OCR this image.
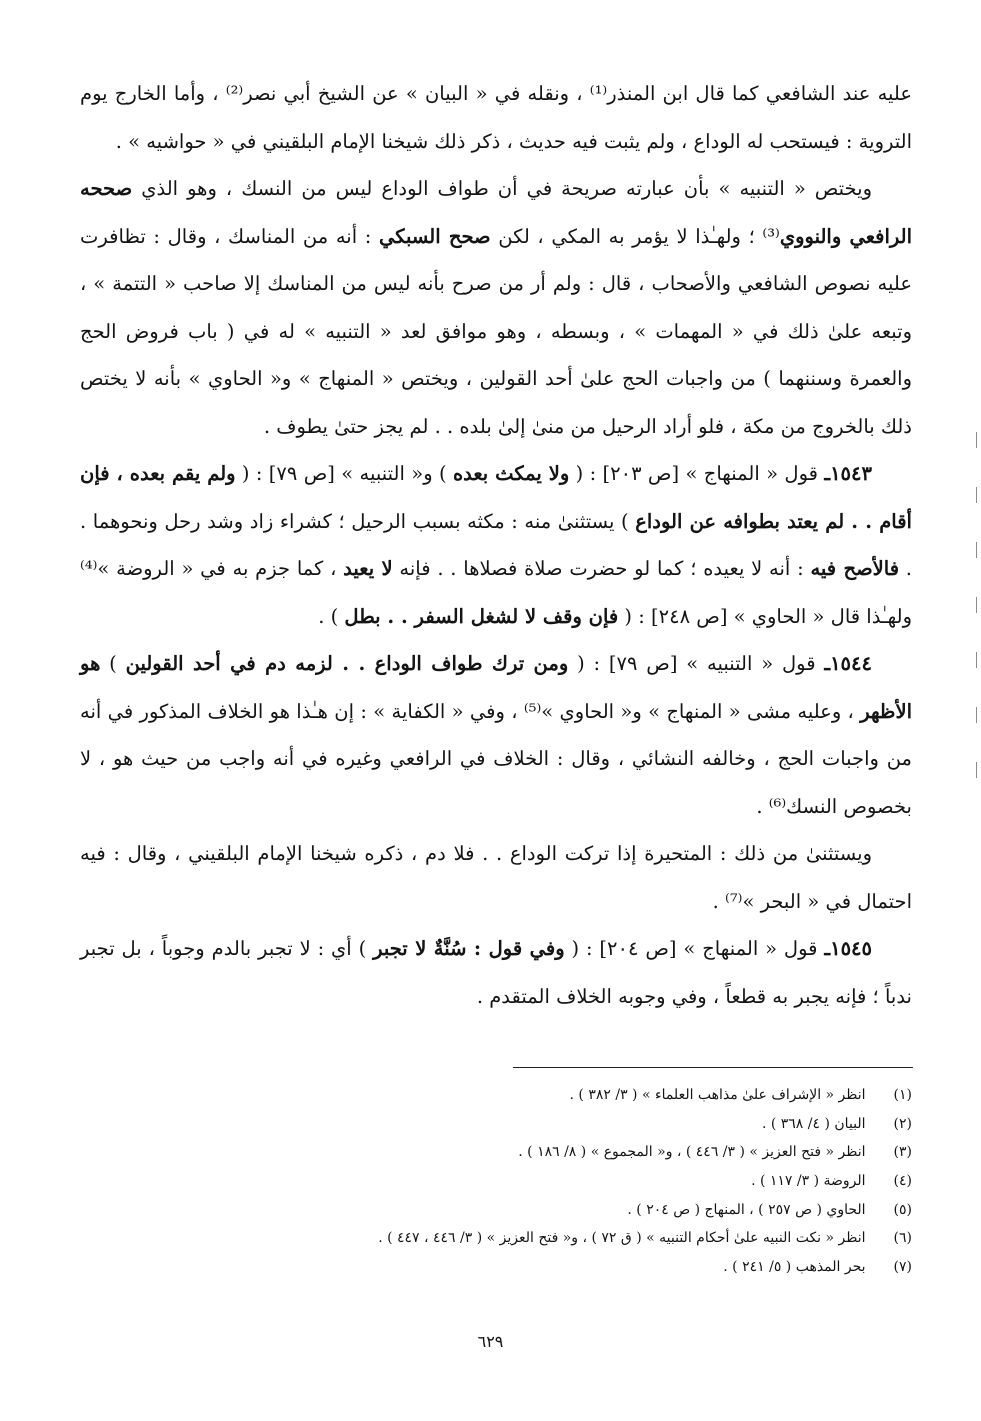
عليه عند الشافعي كما قال ابن المنذر⁽¹⁾ ، ونقله في « البيان » عن الشيخ أبي نصر⁽²⁾ ، وأما الخارج يوم التروية : فيستحب له الوداع ، ولم يثبت فيه حديث ، ذكر ذلك شيخنا الإمام البلقيني في « حواشيه » .

ويختص « التنبيه » بأن عبارته صريحة في أن طواف الوداع ليس من النسك ، وهو الذي صححه الرافعي والنووي⁽³⁾ ؛ ولهـٰذا لا يؤمر به المكي ، لكن صحح السبكي : أنه من المناسك ، وقال : تظافرت عليه نصوص الشافعي والأصحاب ، قال : ولم أر من صرح بأنه ليس من المناسك إلا صاحب « التتمة » ، وتبعه علىٰ ذلك في « المهمات » ، وبسطه ، وهو موافق لعد « التنبيه » له في ( باب فروض الحج والعمرة وسننهما ) من واجبات الحج علىٰ أحد القولين ، ويختص « المنهاج » و« الحاوي » بأنه لا يختص ذلك بالخروج من مكة ، فلو أراد الرحيل من منىٰ إلىٰ بلده . . لم يجز حتىٰ يطوف .

١٥٤٣ـ قول « المنهاج » [ص ٢٠٣] : ( ولا يمكث بعده ) و« التنبيه » [ص ٧٩] : ( ولم يقم بعده ، فإن أقام . . لم يعتد بطوافه عن الوداع ) يستثنىٰ منه : مكثه بسبب الرحيل ؛ كشراء زاد وشد رحل ونحوهما . . فالأصح فيه : أنه لا يعيده ؛ كما لو حضرت صلاة فصلاها . . فإنه لا يعيد ، كما جزم به في « الروضة »⁽⁴⁾ ولهـٰذا قال « الحاوي » [ص ٢٤٨] : ( فإن وقف لا لشغل السفر . . بطل ) .

١٥٤٤ـ قول « التنبيه » [ص ٧٩] : ( ومن ترك طواف الوداع . . لزمه دم في أحد القولين ) هو الأظهر ، وعليه مشى « المنهاج » و« الحاوي »⁽⁵⁾ ، وفي « الكفاية » : إن هـٰذا هو الخلاف المذكور في أنه من واجبات الحج ، وخالفه النشائي ، وقال : الخلاف في الرافعي وغيره في أنه واجب من حيث هو ، لا بخصوص النسك⁽⁶⁾ .

ويستثنىٰ من ذلك : المتحيرة إذا تركت الوداع . . فلا دم ، ذكره شيخنا الإمام البلقيني ، وقال : فيه احتمال في « البحر »⁽⁷⁾ .

١٥٤٥ـ قول « المنهاج » [ص ٢٠٤] : ( وفي قول : سُنَّةٌ لا تجبر ) أي : لا تجبر بالدم وجوباً ، بل تجبر ندباً ؛ فإنه يجبر به قطعاً ، وفي وجوبه الخلاف المتقدم .

(١) انظر « الإشراف علىٰ مذاهب العلماء » ( ٣/ ٣٨٢ ) .
(٢) البيان ( ٤/ ٣٦٨ ) .
(٣) انظر « فتح العزيز » ( ٣/ ٤٤٦ ) ، و« المجموع » ( ٨/ ١٨٦ ) .
(٤) الروضة ( ٣/ ١١٧ ) .
(٥) الحاوي ( ص ٢٥٧ ) ، المنهاج ( ص ٢٠٤ ) .
(٦) انظر « نكت النبيه علىٰ أحكام التنبيه » ( ق ٧٢ ) ، و« فتح العزيز » ( ٣/ ٤٤٦ ، ٤٤٧ ) .
(٧) بحر المذهب ( ٥/ ٢٤١ ) .
٦٢٩
